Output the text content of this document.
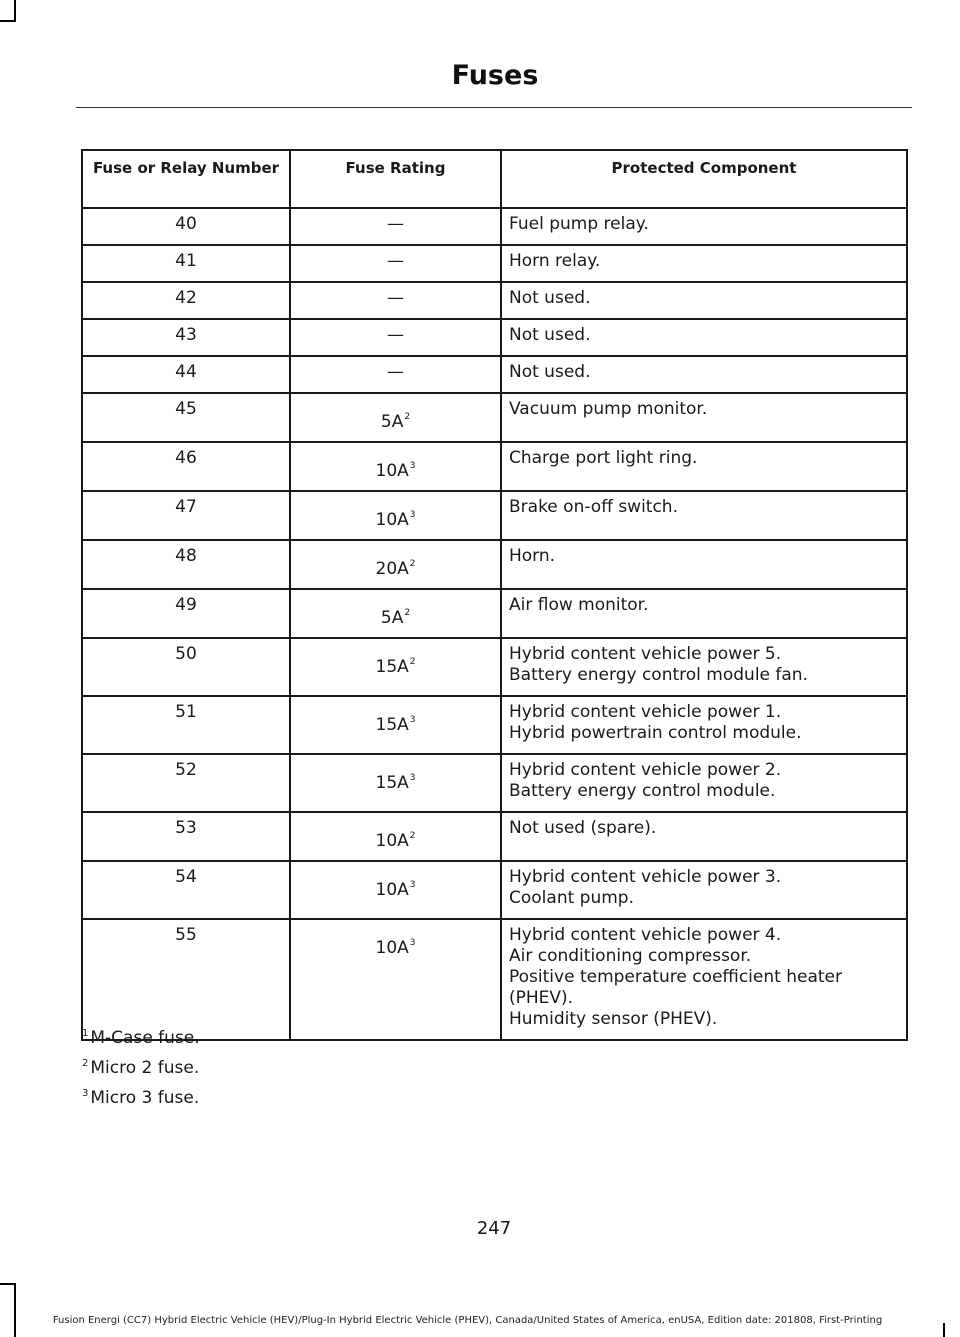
Fuses
Fuse or Relay Number	Fuse Rating	Protected Component

40	—	Fuel pump relay.

41	—	Horn relay.

42	—	Not used.

43	—	Not used.

44	—	Not used.

45	$5A^2$	Vacuum pump monitor.

46	$10A^3$	Charge port light ring.

47	$10A^3$	Brake on-off switch.

48	$20A^2$	Horn.

49	$5A^2$	Air flow monitor.

50	$15A^2$	Hybrid content vehicle power 5.
Battery energy control module fan.

51	$15A^3$	Hybrid content vehicle power 1.
Hybrid powertrain control module.

52	$15A^3$	Hybrid content vehicle power 2.
Battery energy control module.

53	$10A^2$	Not used (spare).

54	$10A^3$	Hybrid content vehicle power 3.
Coolant pump.

55	$10A^3$	Hybrid content vehicle power 4.
Air conditioning compressor.
Positive temperature coefficient heater (PHEV).
Humidity sensor (PHEV).
$^1$ M-Case fuse.
$^2$ Micro 2 fuse.
$^3$ Micro 3 fuse.
247
Fusion Energi (CC7) Hybrid Electric Vehicle (HEV)/Plug-In Hybrid Electric Vehicle (PHEV), Canada/United States of America, enUSA, Edition date: 201808, First-Printing
